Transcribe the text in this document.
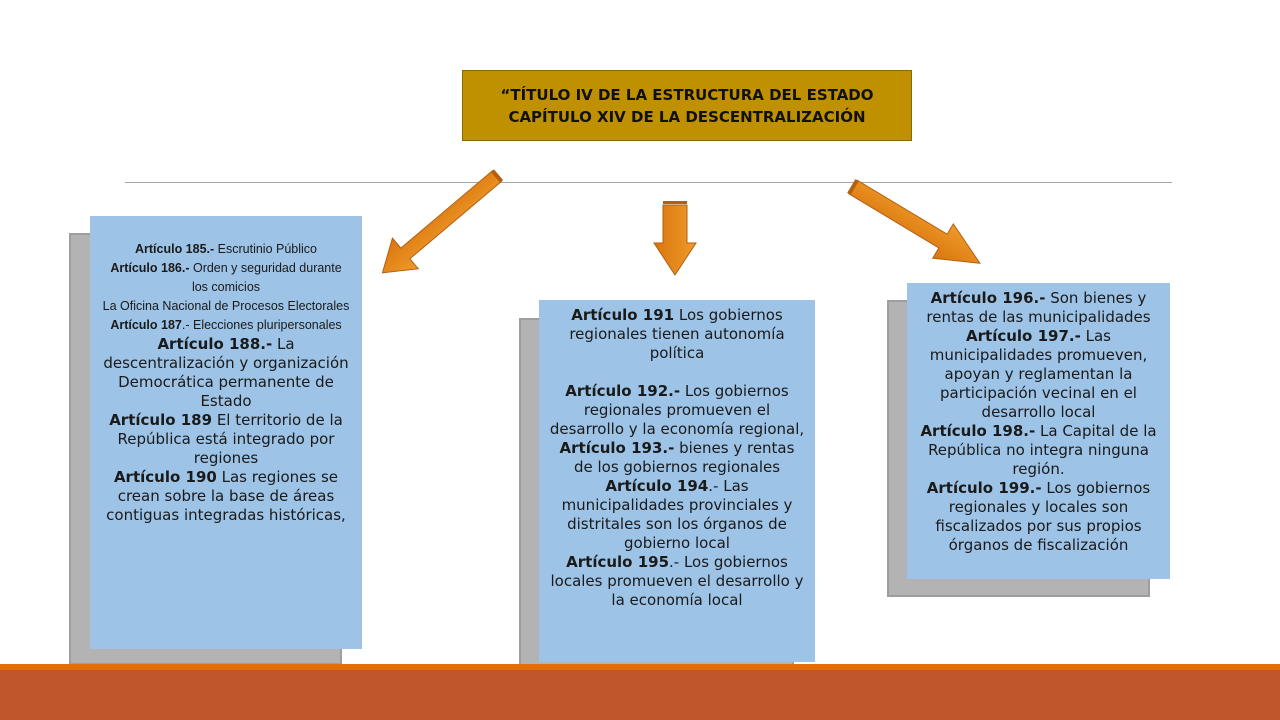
“TÍTULO IV DE LA ESTRUCTURA DEL ESTADO
CAPÍTULO XIV DE LA DESCENTRALIZACIÓN

Artículo 185.- Escrutinio Público

Artículo 186.- Orden y seguridad durante los comicios

La Oficina Nacional de Procesos Electorales

Artículo 187.- Elecciones pluripersonales

Artículo 188.- La descentralización y organización Democrática permanente de Estado

Artículo 189 El territorio de la República está integrado por regiones

Artículo 190 Las regiones se crean sobre la base de áreas contiguas integradas históricas,

Artículo 191 Los gobiernos regionales tienen autonomía política

Artículo 192.- Los gobiernos regionales promueven el desarrollo y la economía regional,

Artículo 193.- bienes y rentas de los gobiernos regionales

Artículo 194.- Las municipalidades provinciales y distritales son los órganos de gobierno local

Artículo 195.- Los gobiernos locales promueven el desarrollo y la economía local

Artículo 196.- Son bienes y rentas de las municipalidades

Artículo 197.- Las municipalidades promueven, apoyan y reglamentan la participación vecinal en el desarrollo local

Artículo 198.- La Capital de la República no integra ninguna región.

Artículo 199.- Los gobiernos regionales y locales son fiscalizados por sus propios órganos de fiscalización
